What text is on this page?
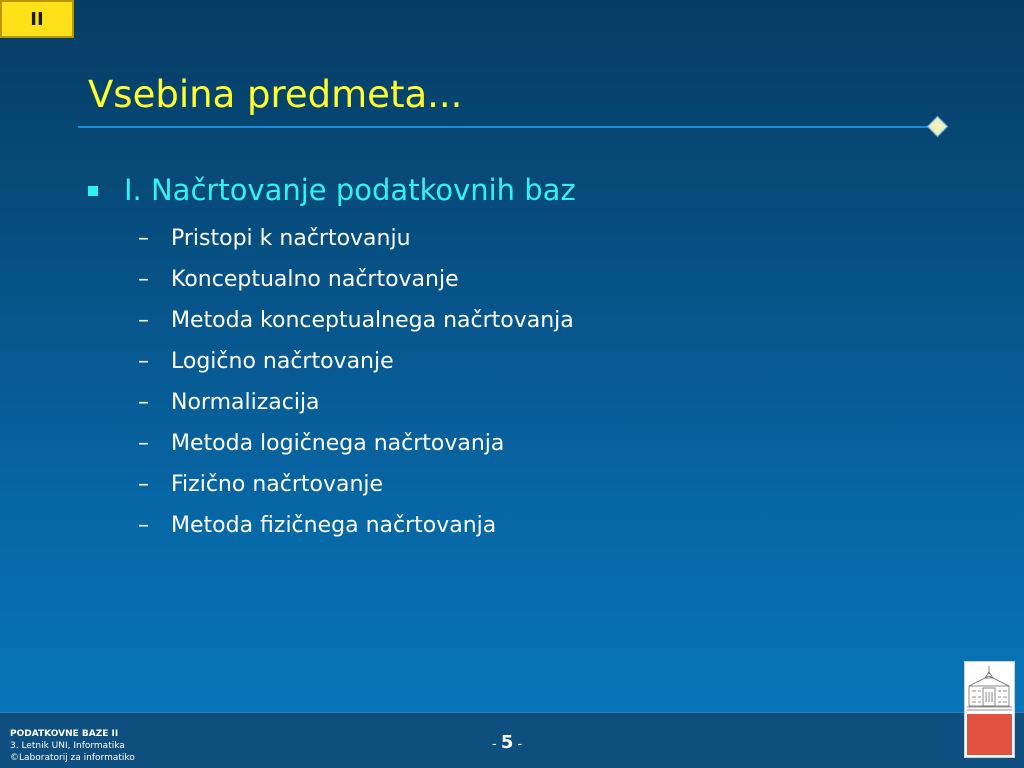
II
Vsebina predmeta...
I. Načrtovanje podatkovnih baz
–	Pristopi k načrtovanju
–	Konceptualno načrtovanje
–	Metoda konceptualnega načrtovanja
–	Logično načrtovanje
–	Normalizacija
–	Metoda logičnega načrtovanja
–	Fizično načrtovanje
–	Metoda fizičnega načrtovanja
PODATKOVNE BAZE II
3. Letnik UNI, Informatika
©Laboratorij za informatiko
- 5 -
